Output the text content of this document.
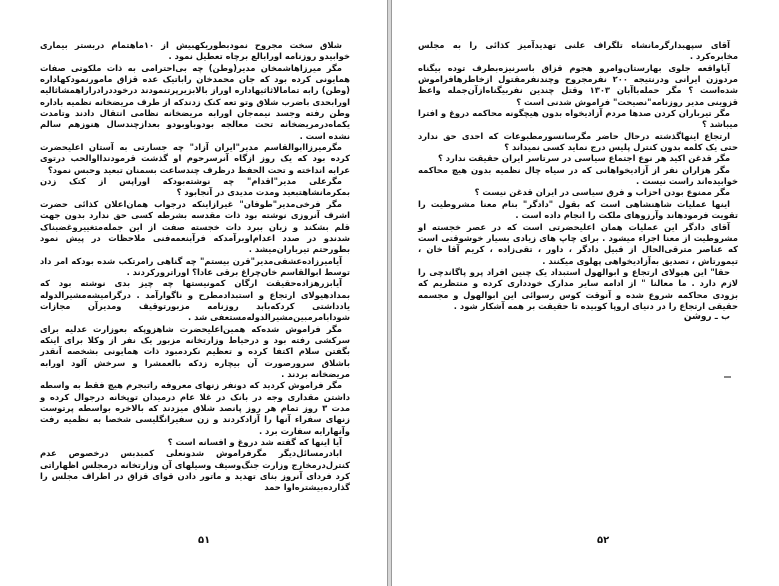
شلاق سخت مجروح نمودبطوریکهبیش از ۱۰ماهتمام دربستر بیماری خوابیدو روزنامه اورابالع برچاه تعطیل نمود .

مگر میرزاهاشمخان مدیر(وطن) چه بی‌احترامی به ذات ملکوتی صفات همایونی کرده بود که جان محمدخان راباتیک عده قزاق مامورنمودکهاداره (وطن) رابه تمامالاثاثیهاداره اوراز بالابزیرپرتنمودند درخوددرادراراهمشاثالیه اورابحدی باضرب شلاق وتو تعه کنک زدندکه از طرف مریضخانه نظمیه باداره وطن رفته وجسد نیمه‌جان اورابه مریضخانه نظامی انتقال دادند وتامدت یکماه‌درمریضخانه تحت معالجه بودوباوبودو بعدازچندسال هنوزهم سالم نشده است .

مگرمیرزاابوالقاسم مدیر"ایران آزاد" چه جسارتی به آستان اعلیحضرت کرده بود که یک روز ازگاه آنرسرحوم او گذشت قرمودندااوالحب درتوی عرابه انداخته و تحت الحفظ درظرف چندساعت بسمنان تبعید وحبس نمود؟

مگرعلی مدیر"اقدام" چه نوشته‌بودکه اوراپس از کتک زدن بمکرمانشاهتبعید ومدت مدیدی در آنجابود ؟

مگر فرخی‌مدیر"طوفان" غیرازاینکه درجواب همان‌اعلان کذائی حضرت اشرف آنروزی نوشته بود ذات مقدسه بشرطه کسی حق ندارد بدون جهت قلم بشکند و زبان ببرد دات خجسته صفت از این جمله‌متغییروغضبناک شدندو در صدد اعدام‌اوبرآمدکه فرآبنعمه‌فنی ملاحظات در پیش نمود بطورحتم تیرباران‌میشد .

آیامیرزاده‌عشقی‌مدیر"قرن بیستم" چه گناهی رامرتکب شده بودکه امر داد توسط ابوالقاسم خان‌چراغ برقی عادا؟ اوراترورکردند .

آیابزرهزاده‌حقیقت ارگان کمونیستها چه چیز بدی نوشته بود که بمدادهیولای ارتجاع و استبدادمطرح و ناگوارآمد . درگرامیشه‌مشیرالدوله یادداشتی کردکه‌بابد روزنامه مزبورتوقیف ومدیرآن مجازات شودابامرمبین‌مشیرالدوله‌مستعفی شد .

مگر فراموش شده‌که همین‌اعلیحضرت شاهزوپکه بعوزارت عدلیه برای سرکشی رفته بود و درحیاط وزارتخانه مزبور یک نفر از وکلا برای اینکه بگفتن سلام اکتفا کرده و تعظیم نکردمبود ذات همایونی بشخصه آنقدر باشلاق سرورصورت آن بیچاره زدکه بالعمشرا و سرخش آلود اورابه مریضخانه بردند .

مگر فراموش کردید که دونفر زنهای معروفه راتبجرم هیچ فقط به واسطه داشتن مقداری وجه در بانک در غلا عام درمیدان توپخانه درجوال کرده و مدت ۳ روز تمام هر روز پانصد شلاق میزدند که بالاخره بواسطه پرتوست زنهای سفراء آنها را آزادکردند و زن سفیرانگلیسی شخصا به نظمیه رفت وآنهارابه سفارت برد .

آیا اینها که گفته شد دروغ و افسانه است ؟

ابادرمسائل‌دیگر مگرفراموش شدونعلی کمبدبس درخصوص عدم کنترل‌درمخارج وزارت جنگ‌وسیف وسیلهای آن وزارتخانه درمجلس اظهاراتی کرد فردای آنروز بنای تهدید و ماتور دادن قوای قزاق در اطراف مجلس را گذارده‌بیشتره‌اوا حمد

۵۱

آقای سپهبدارگرمانشاه تلگراف علنی تهدیدآمیز کذائی را به مجلس مخابره‌کرد .

آیاواقعه جلوی بهارستان‌وامرو هجوم قزاق باسرنیزه‌بطرف توده بیگناه مردوزن ایرانی ودرنتیجه ۲۰۰ نفرمجروح وچندنفرمقتول ازخاطرهافراموش شده‌است ؟ مگر حمله‌باآبان ۱۳۰۳ وقتل چندین نفربیگناه‌ازآن‌جمله واعظ قزوینی مدیر روزنامه"نصیحت" فراموش شدنی است ؟

مگر تیرباران کردن صدها مردم آزادیخواه بدون هیچگونه محاکمه دروغ و افترا میباشد ؟

ارتجاع اینهاگذشته درحال حاضر مگرسانسورمطبوعات که احدی حق ندارد حتی یک کلمه بدون کنترل پلیس درج نماید کسی نمیداند ؟

مگر قدغن اکید هر نوع اجتماع سیاسی در سرتاسر ایران حقیقت ندارد ؟

مگر هزاران نفر از آزادیخواهانی که در سیاه چال نظمیه بدون هیچ محاکمه خوابیده‌اند راست نیست .

مگر ممنوع بودن احزاب و فرق سیاسی در ایران قدغن نیست ؟

اینها عملیات شاهنشاهی است که بقول "دادگر" بنام معنا مشروطیت را تقویت فرمودهاند وآرزوهای ملکت را انجام داده است .

آقای دادگر این عملیات همان اعلیحضرتی است که در عصر خجسته او مشروطیت از معنا اجراء میشود . برای چاپ های زیادی بسیار خوشوقتی است که عناصر مترقی‌الحال از قبیل دادگر ، داور ، تقی‌زاده ، کریم آقا خان ، تیمورتاش ، تصدیق به‌آزادیخواهی پهلوی میکنند .

حقا" این هیولای ارتجاع و ابوالهول استبداد یک چنین افراد پرو پاگاندچی را لازم دارد . ما معالنا " از ادامه سایر مدارک خودداری کرده و منتظریم که بزودی محاکمه شروع شده و آنوقت کوس رسوائی این ابوالهول و مجسمه حقیقی ارتجاع را در دنیای اروپا کوبیده تا حقیقت بر همه آشکار شود .

ب ـ روشن

۵۲
